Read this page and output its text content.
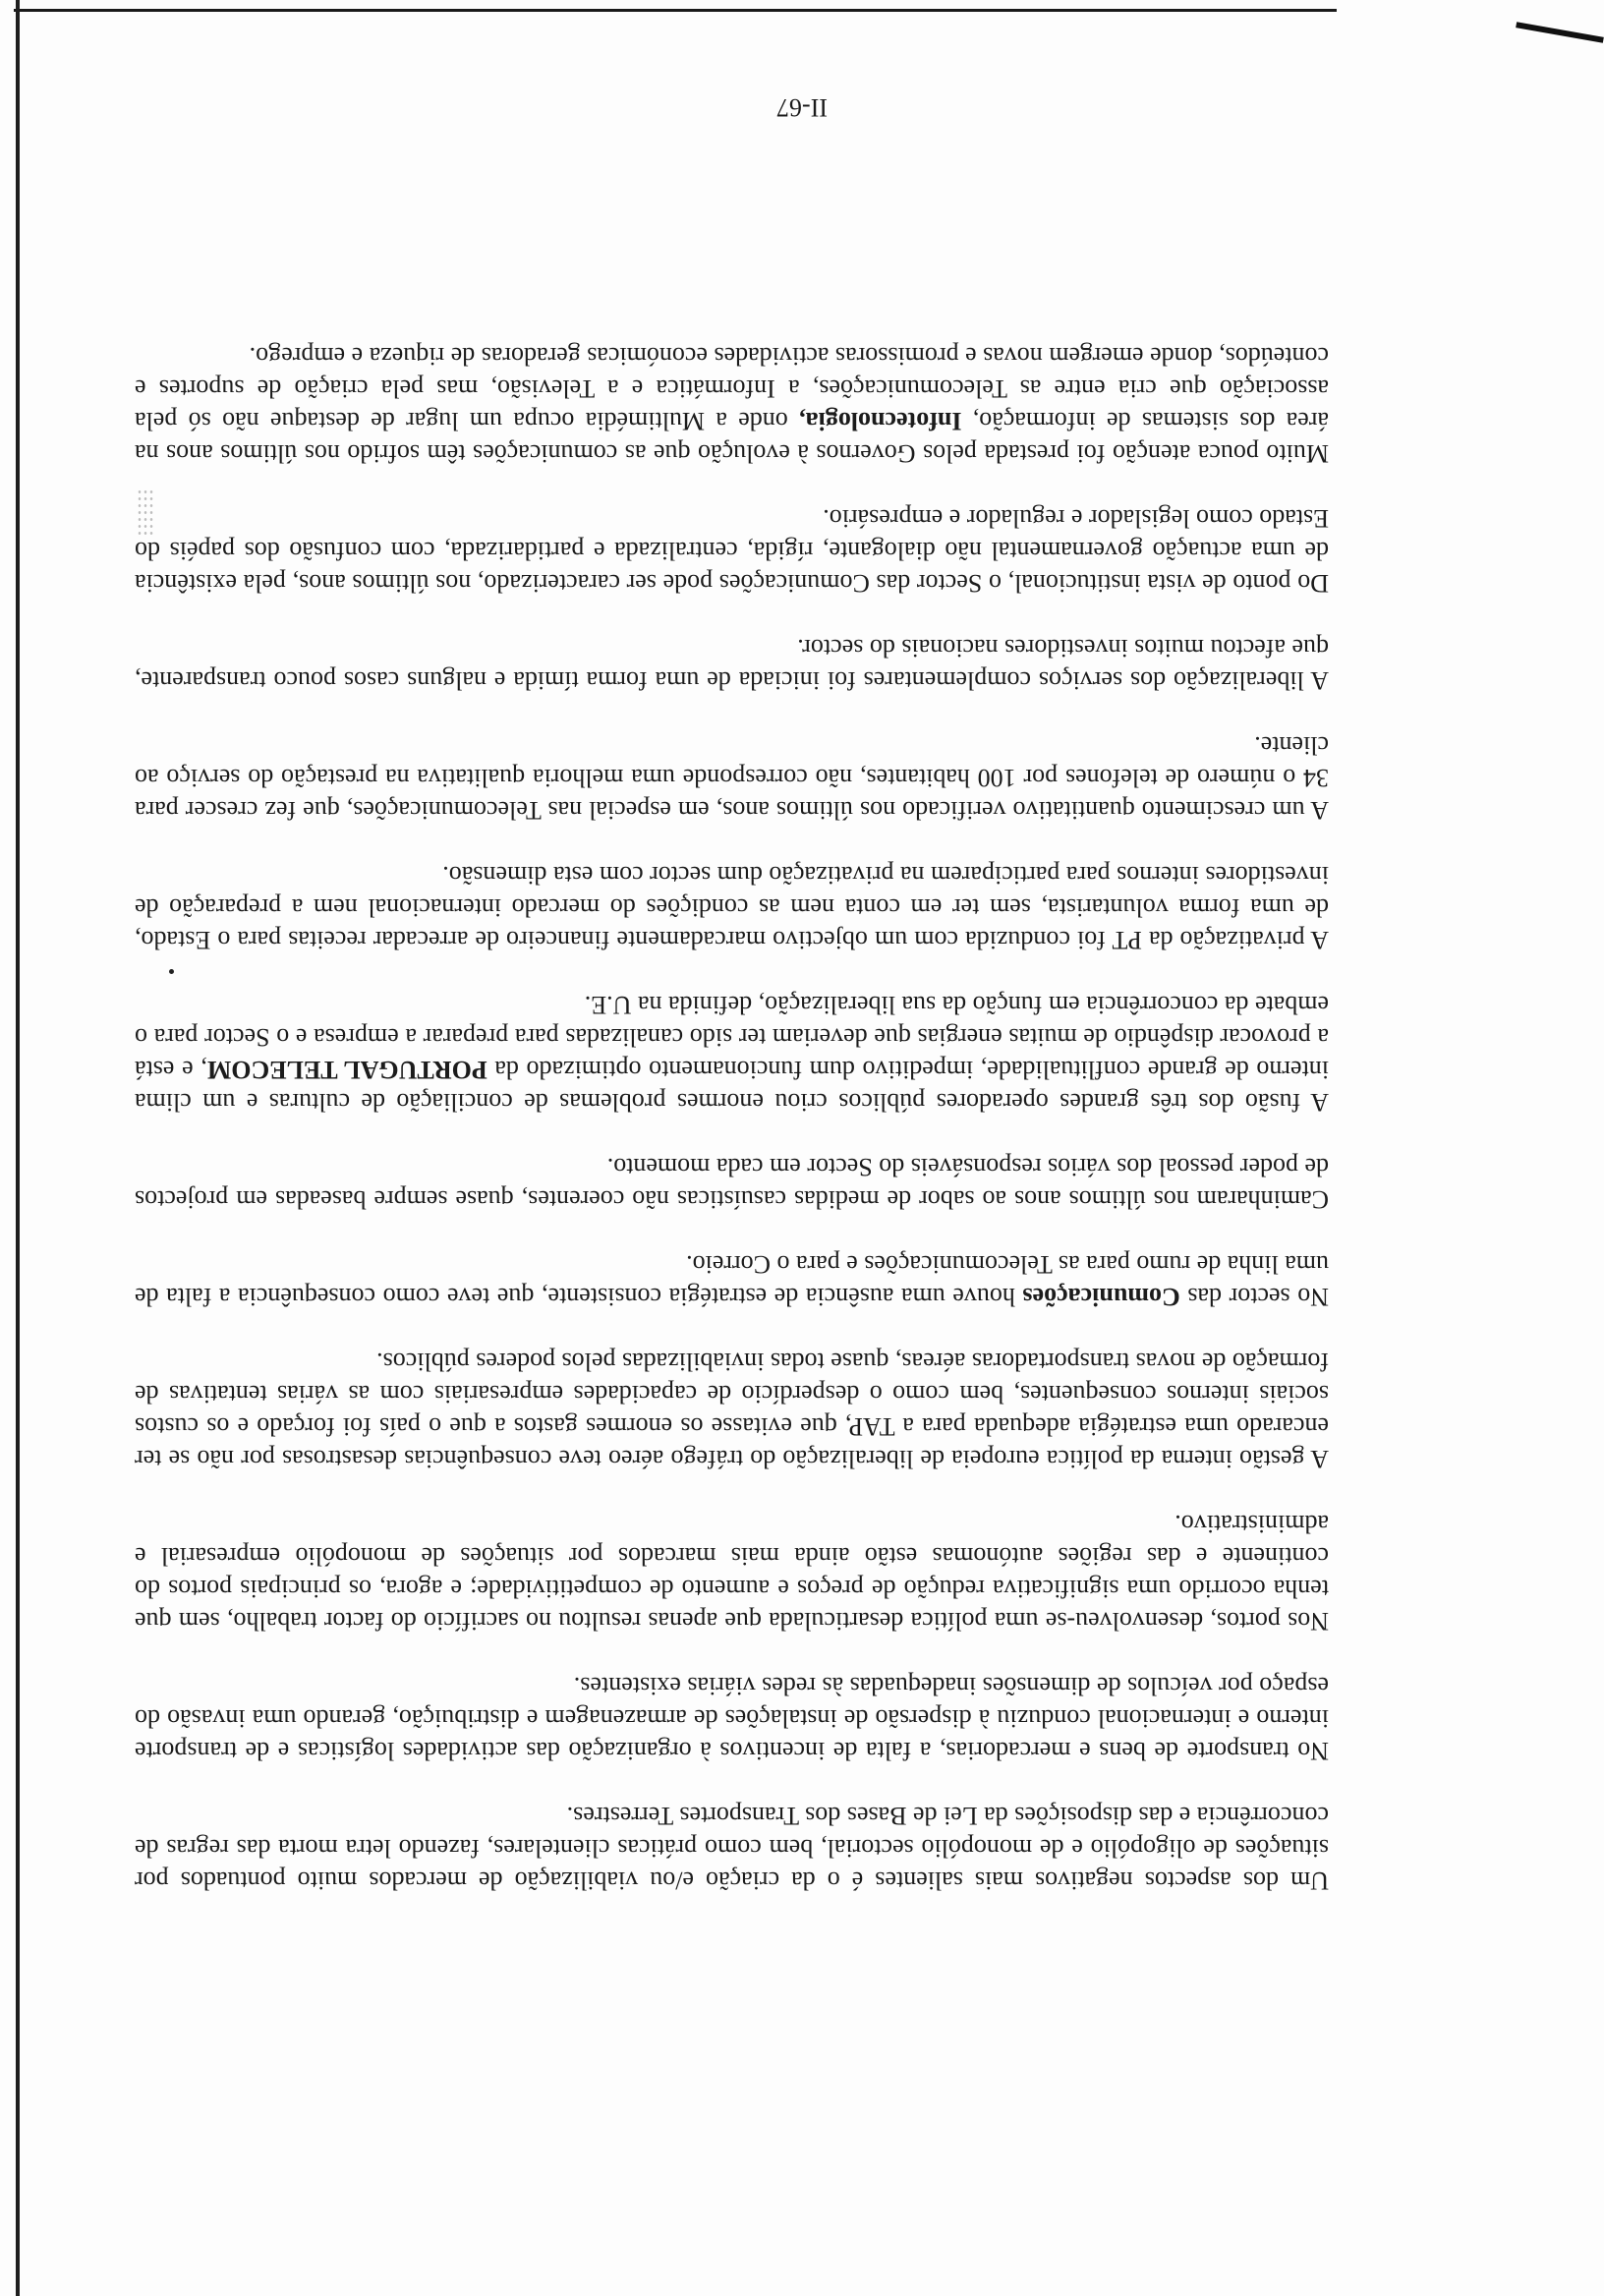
Um dos aspectos negativos mais salientes é o da criação e/ou viabilização de mercados muito pontuados por situações de oligopólio e de monopólio sectorial, bem como práticas clientelares, fazendo letra morta das regras de concorrência e das disposições da Lei de Bases dos Transportes Terrestres.

No transporte de bens e mercadorias, a falta de incentivos à organização das actividades logísticas e de transporte interno e internacional conduziu à dispersão de instalações de armazenagem e distribuição, gerando uma invasão do espaço por veículos de dimensões inadequadas às redes viárias existentes.

Nos portos, desenvolveu-se uma política desarticulada que apenas resultou no sacrifício do factor trabalho, sem que tenha ocorrido uma significativa redução de preços e aumento de competitividade; e agora, os principais portos do continente e das regiões autónomas estão ainda mais marcados por situações de monopólio empresarial e administrativo.

A gestão interna da política europeia de liberalização do tráfego aéreo teve consequências desastrosas por não se ter encarado uma estratégia adequada para a TAP, que evitasse os enormes gastos a que o país foi forçado e os custos sociais internos consequentes, bem como o desperdício de capacidades empresariais com as várias tentativas de formação de novas transportadoras aéreas, quase todas inviabilizadas pelos poderes públicos.

No sector das Comunicações houve uma ausência de estratégia consistente, que teve como consequência a falta de uma linha de rumo para as Telecomunicações e para o Correio.

Caminharam nos últimos anos ao sabor de medidas casuísticas não coerentes, quase sempre baseadas em projectos de poder pessoal dos vários responsáveis do Sector em cada momento.

A fusão dos três grandes operadores públicos criou enormes problemas de conciliação de culturas e um clima interno de grande conflitualidade, impeditivo dum funcionamento optimizado da PORTUGAL TELECOM, e está a provocar dispêndio de muitas energias que deveriam ter sido canalizadas para preparar a empresa e o Sector para o embate da concorrência em função da sua liberalização, definida na U.E.

A privatização da PT foi conduzida com um objectivo marcadamente financeiro de arrecadar receitas para o Estado, de uma forma voluntarista, sem ter em conta nem as condições do mercado internacional nem a preparação de investidores internos para participarem na privatização dum sector com esta dimensão.

A um crescimento quantitativo verificado nos últimos anos, em especial nas Telecomunicações, que fez crescer para 34 o número de telefones por 100 habitantes, não corresponde uma melhoria qualitativa na prestação do serviço ao cliente.

A liberalização dos serviços complementares foi iniciada de uma forma tímida e nalguns casos pouco transparente, que afectou muitos investidores nacionais do sector.

Do ponto de vista institucional, o Sector das Comunicações pode ser caracterizado, nos últimos anos, pela existência de uma actuação governamental não dialogante, rígida, centralizada e partidarizada, com confusão dos papéis do Estado como legislador e regulador e empresário.

Muito pouca atenção foi prestada pelos Governos à evolução que as comunicações têm sofrido nos últimos anos na área dos sistemas de informação, Infotecnologia, onde a Multimédia ocupa um lugar de destaque não só pela associação que cria entre as Telecomunicações, a Informática e a Televisão, mas pela criação de suportes e conteúdos, donde emergem novas e promissoras actividades económicas geradoras de riqueza e emprego.

II-67
